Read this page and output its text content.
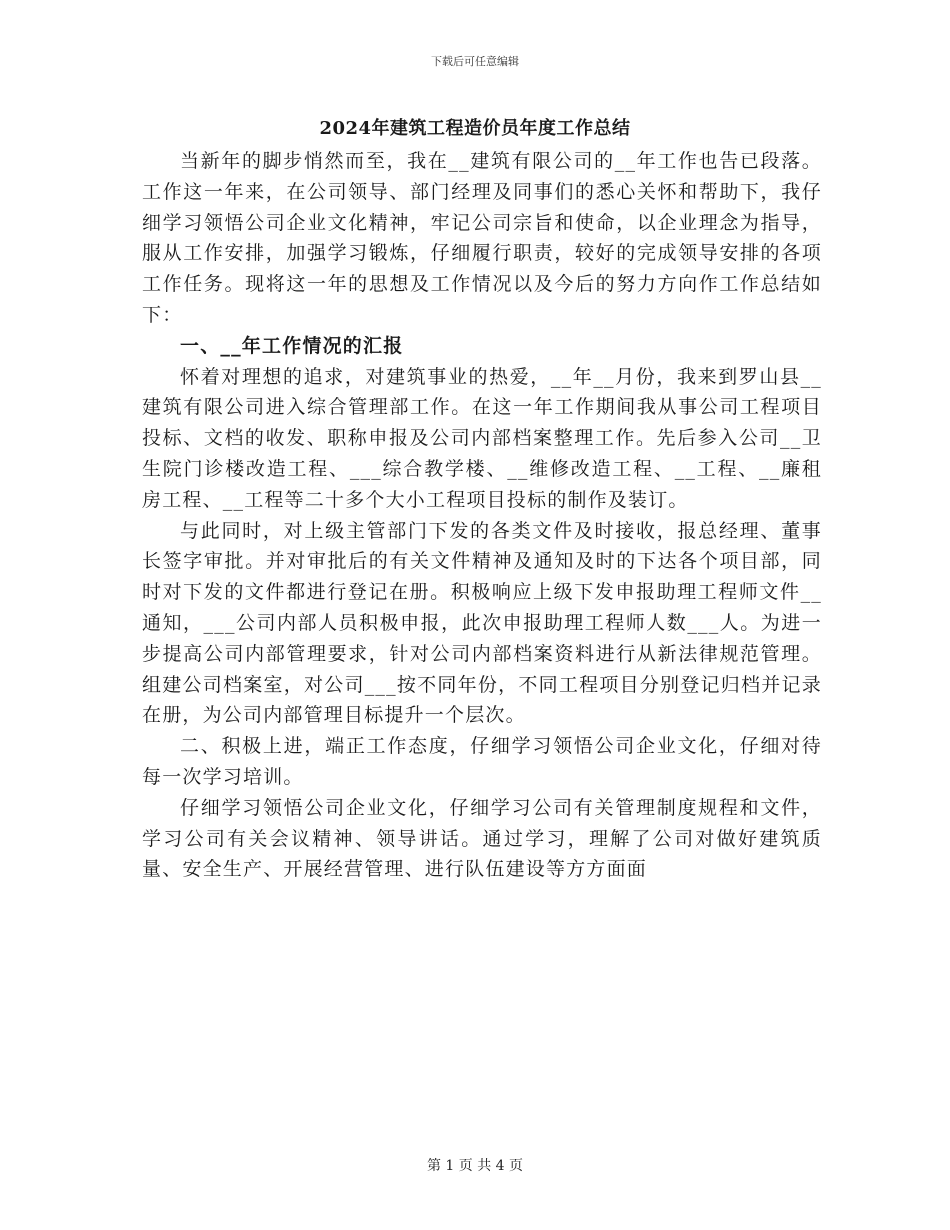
下载后可任意编辑
2024年建筑工程造价员年度工作总结

当新年的脚步悄然而至，我在__建筑有限公司的__年工作也告已段落。工作这一年来，在公司领导、部门经理及同事们的悉心关怀和帮助下，我仔细学习领悟公司企业文化精神，牢记公司宗旨和使命，以企业理念为指导，服从工作安排，加强学习锻炼，仔细履行职责，较好的完成领导安排的各项工作任务。现将这一年的思想及工作情况以及今后的努力方向作工作总结如下：

一、__年工作情况的汇报

怀着对理想的追求，对建筑事业的热爱，__年__月份，我来到罗山县__建筑有限公司进入综合管理部工作。在这一年工作期间我从事公司工程项目投标、文档的收发、职称申报及公司内部档案整理工作。先后参入公司__卫生院门诊楼改造工程、___综合教学楼、__维修改造工程、__工程、__廉租房工程、__工程等二十多个大小工程项目投标的制作及装订。

与此同时，对上级主管部门下发的各类文件及时接收，报总经理、董事长签字审批。并对审批后的有关文件精神及通知及时的下达各个项目部，同时对下发的文件都进行登记在册。积极响应上级下发申报助理工程师文件__通知，___公司内部人员积极申报，此次申报助理工程师人数___人。为进一步提高公司内部管理要求，针对公司内部档案资料进行从新法律规范管理。组建公司档案室，对公司___按不同年份，不同工程项目分别登记归档并记录在册，为公司内部管理目标提升一个层次。

二、积极上进，端正工作态度，仔细学习领悟公司企业文化，仔细对待每一次学习培训。

仔细学习领悟公司企业文化，仔细学习公司有关管理制度规程和文件，学习公司有关会议精神、领导讲话。通过学习，理解了公司对做好建筑质量、安全生产、开展经营管理、进行队伍建设等方方面面

第 1 页 共 4 页
